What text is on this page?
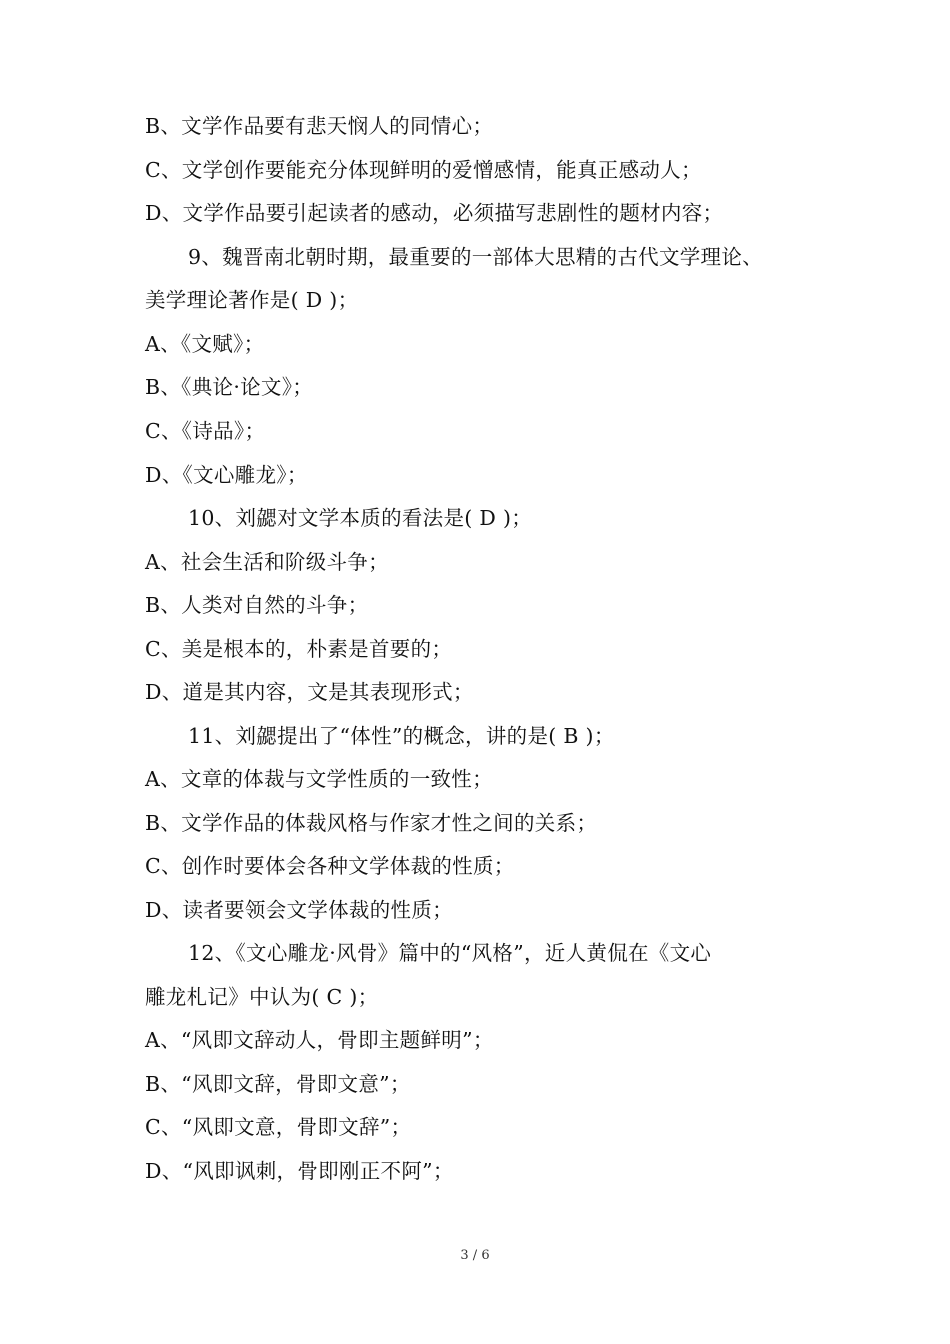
B、文学作品要有悲天悯人的同情心；
C、文学创作要能充分体现鲜明的爱憎感情，能真正感动人；
D、文学作品要引起读者的感动，必须描写悲剧性的题材内容；
9、魏晋南北朝时期，最重要的一部体大思精的古代文学理论、
美学理论著作是( D )；
A、《文赋》；
B、《典论·论文》；
C、《诗品》；
D、《文心雕龙》；
10、刘勰对文学本质的看法是( D )；
A、社会生活和阶级斗争；
B、人类对自然的斗争；
C、美是根本的，朴素是首要的；
D、道是其内容，文是其表现形式；
11、刘勰提出了“体性”的概念，讲的是( B )；
A、文章的体裁与文学性质的一致性；
B、文学作品的体裁风格与作家才性之间的关系；
C、创作时要体会各种文学体裁的性质；
D、读者要领会文学体裁的性质；
12、《文心雕龙·风骨》篇中的“风格”，近人黄侃在《文心
雕龙札记》中认为( C )；
A、“风即文辞动人，骨即主题鲜明”；
B、“风即文辞，骨即文意”；
C、“风即文意，骨即文辞”；
D、“风即讽刺，骨即刚正不阿”；
3 / 6
